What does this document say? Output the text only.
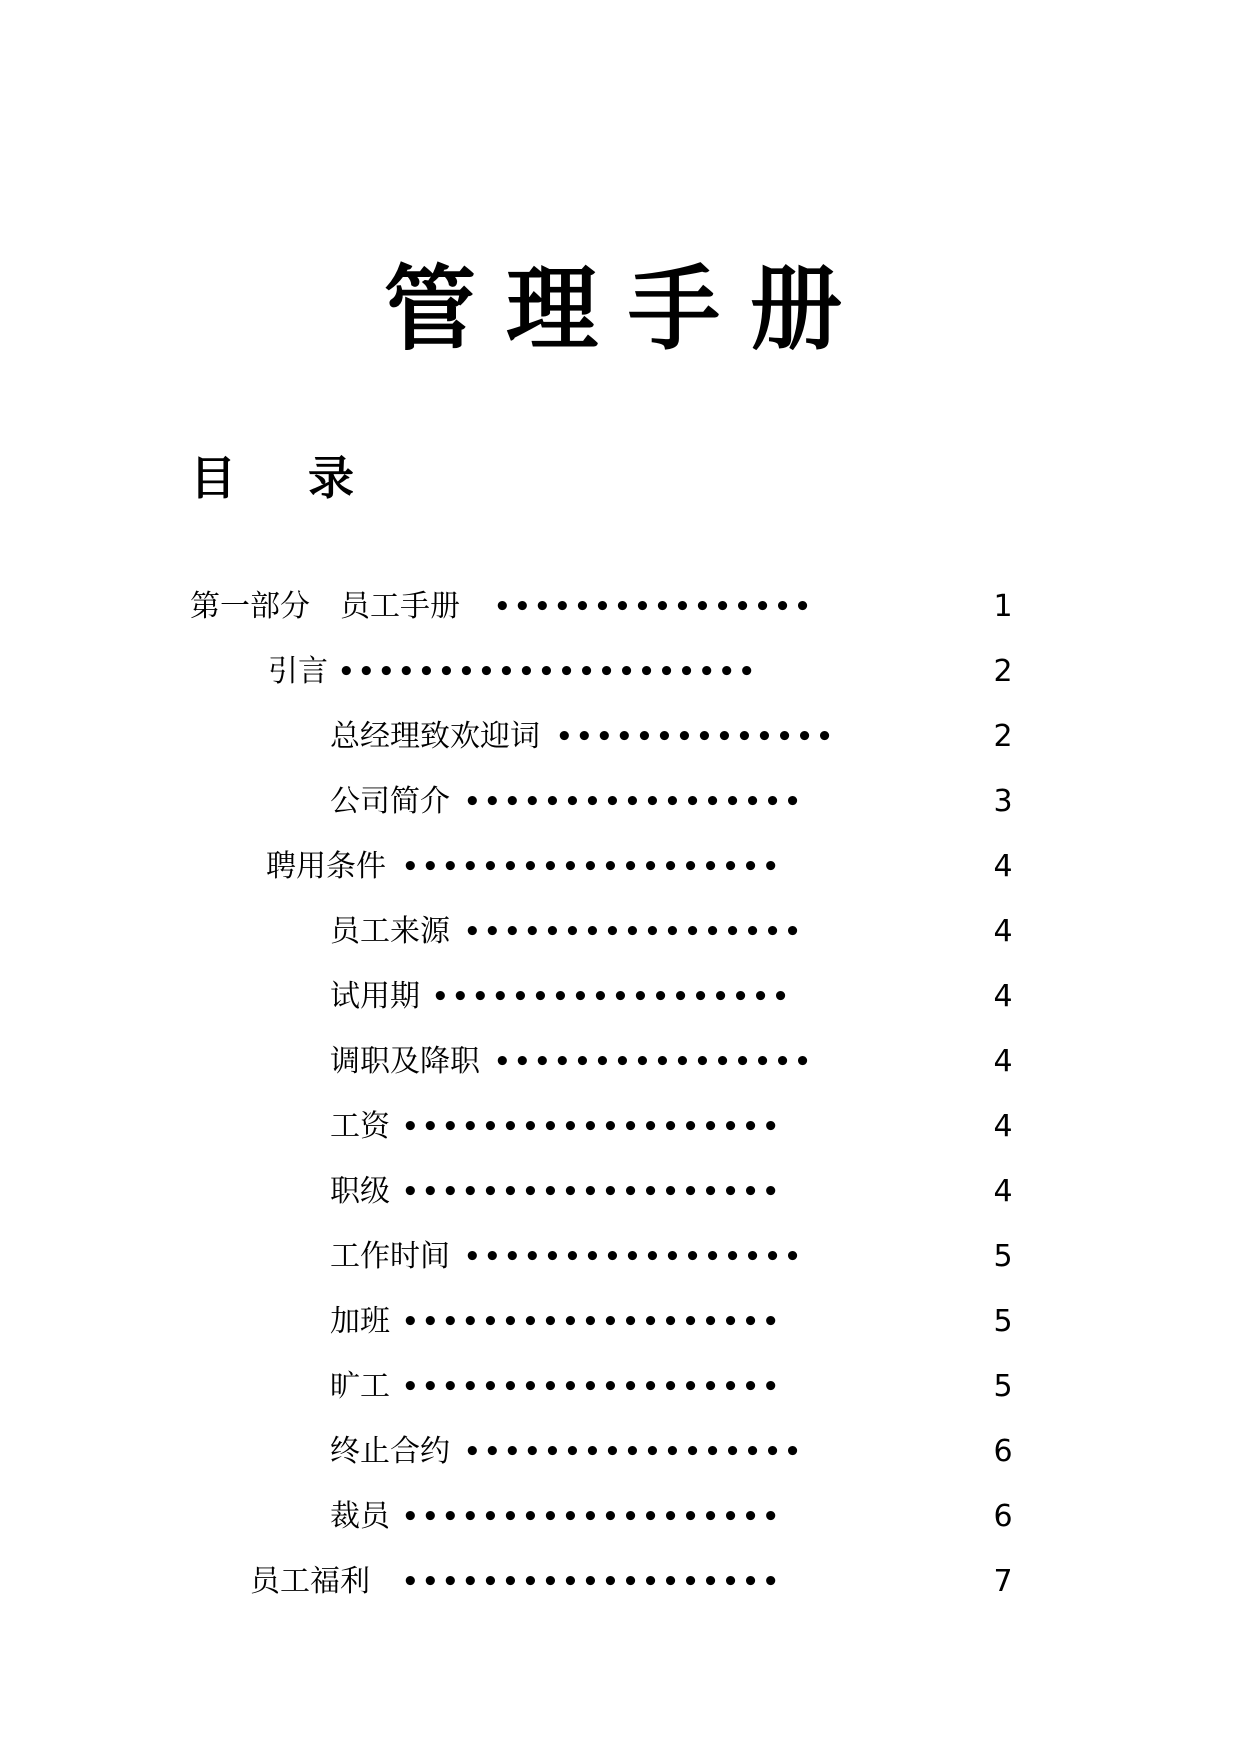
管理手册
目	录
第一部分　员工手册 ••••••••••••••••	1
引言 •••••••••••••••••••••	2
总经理致欢迎词 ••••••••••••••	2
公司简介 •••••••••••••••••	3
聘用条件 •••••••••••••••••••	4
员工来源 •••••••••••••••••	4
试用期 ••••••••••••••••••	4
调职及降职 ••••••••••••••••	4
工资 •••••••••••••••••••	4
职级 •••••••••••••••••••	4
工作时间 •••••••••••••••••	5
加班 •••••••••••••••••••	5
旷工 •••••••••••••••••••	5
终止合约 •••••••••••••••••	6
裁员 •••••••••••••••••••	6
员工福利 •••••••••••••••••••	7
